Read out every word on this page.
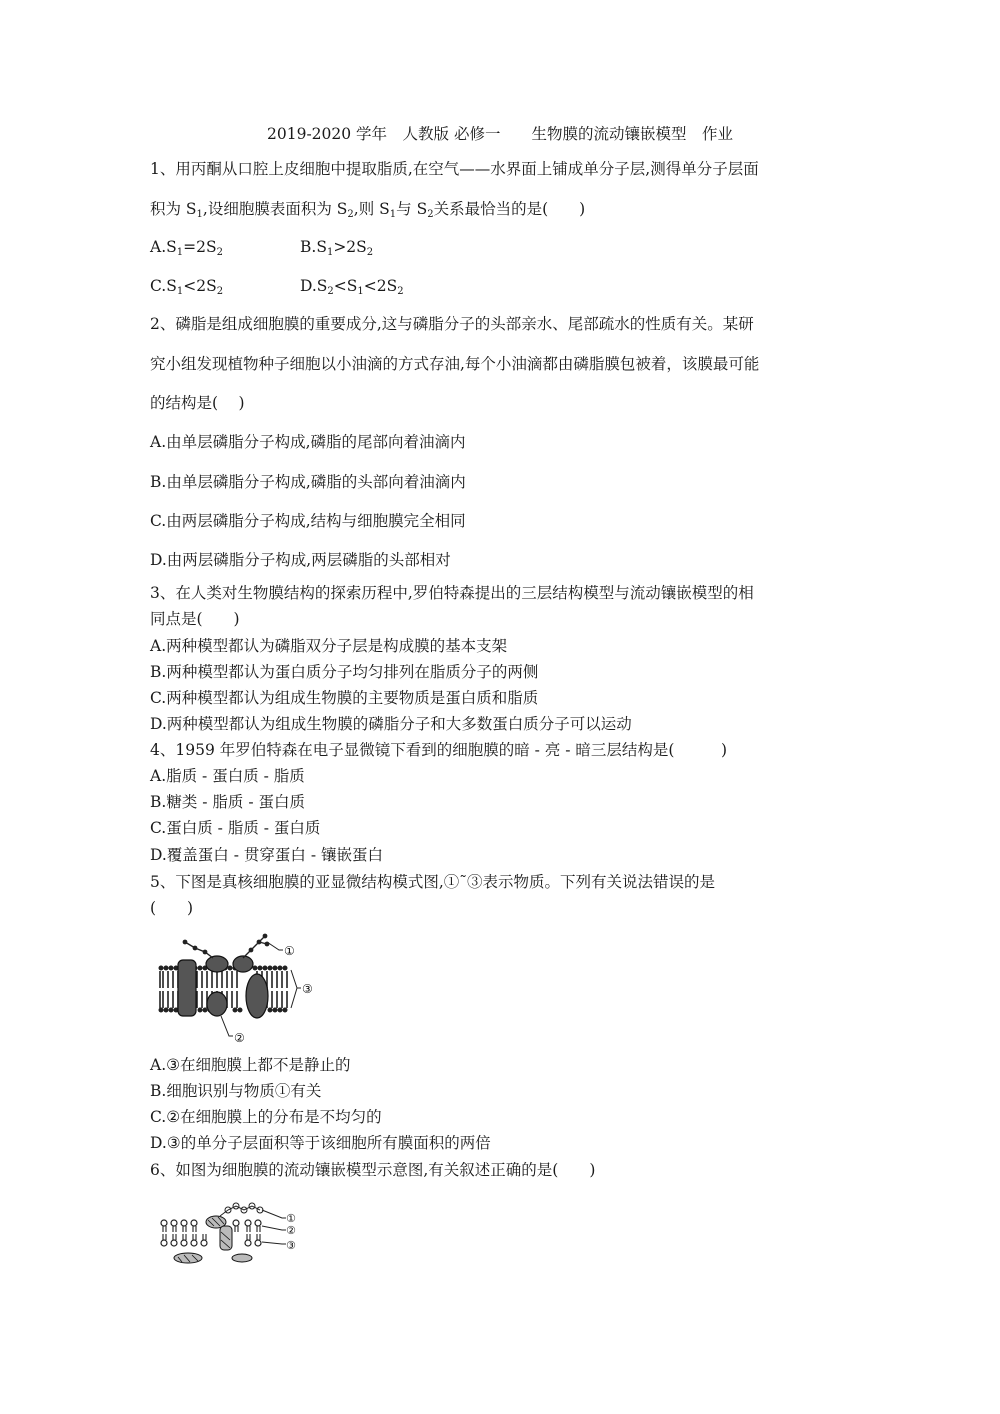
2019-2020 学年　人教版 必修一　　生物膜的流动镶嵌模型　作业
1、用丙酮从口腔上皮细胞中提取脂质,在空气——水界面上铺成单分子层,测得单分子层面
积为 $S_1$,设细胞膜表面积为 $S_2$,则 $S_1$与 $S_2$关系最恰当的是(　　)
$A.S_1=2S_2$	$B.S_1>2S_2$
$C.S_1<2S_2$	$D.S_2<S_1<2S_2$
2、磷脂是组成细胞膜的重要成分,这与磷脂分子的头部亲水、尾部疏水的性质有关。某研
究小组发现植物种子细胞以小油滴的方式存油,每个小油滴都由磷脂膜包被着，该膜最可能
的结构是(　 )
A.由单层磷脂分子构成,磷脂的尾部向着油滴内
B.由单层磷脂分子构成,磷脂的头部向着油滴内
C.由两层磷脂分子构成,结构与细胞膜完全相同
D.由两层磷脂分子构成,两层磷脂的头部相对
3、在人类对生物膜结构的探索历程中,罗伯特森提出的三层结构模型与流动镶嵌模型的相
同点是(　　)
A.两种模型都认为磷脂双分子层是构成膜的基本支架
B.两种模型都认为蛋白质分子均匀排列在脂质分子的两侧
C.两种模型都认为组成生物膜的主要物质是蛋白质和脂质
D.两种模型都认为组成生物膜的磷脂分子和大多数蛋白质分子可以运动
4、1959 年罗伯特森在电子显微镜下看到的细胞膜的暗 - 亮 - 暗三层结构是(　　　)
A.脂质 - 蛋白质 - 脂质
B.糖类 - 脂质 - 蛋白质
C.蛋白质 - 脂质 - 蛋白质
D.覆盖蛋白 - 贯穿蛋白 - 镶嵌蛋白
5、下图是真核细胞膜的亚显微结构模式图,①˜③表示物质。下列有关说法错误的是
(　　)
①
③
②
A.③在细胞膜上都不是静止的
B.细胞识别与物质①有关
C.②在细胞膜上的分布是不均匀的
D.③的单分子层面积等于该细胞所有膜面积的两倍
6、如图为细胞膜的流动镶嵌模型示意图,有关叙述正确的是(　　)
①
②
③
